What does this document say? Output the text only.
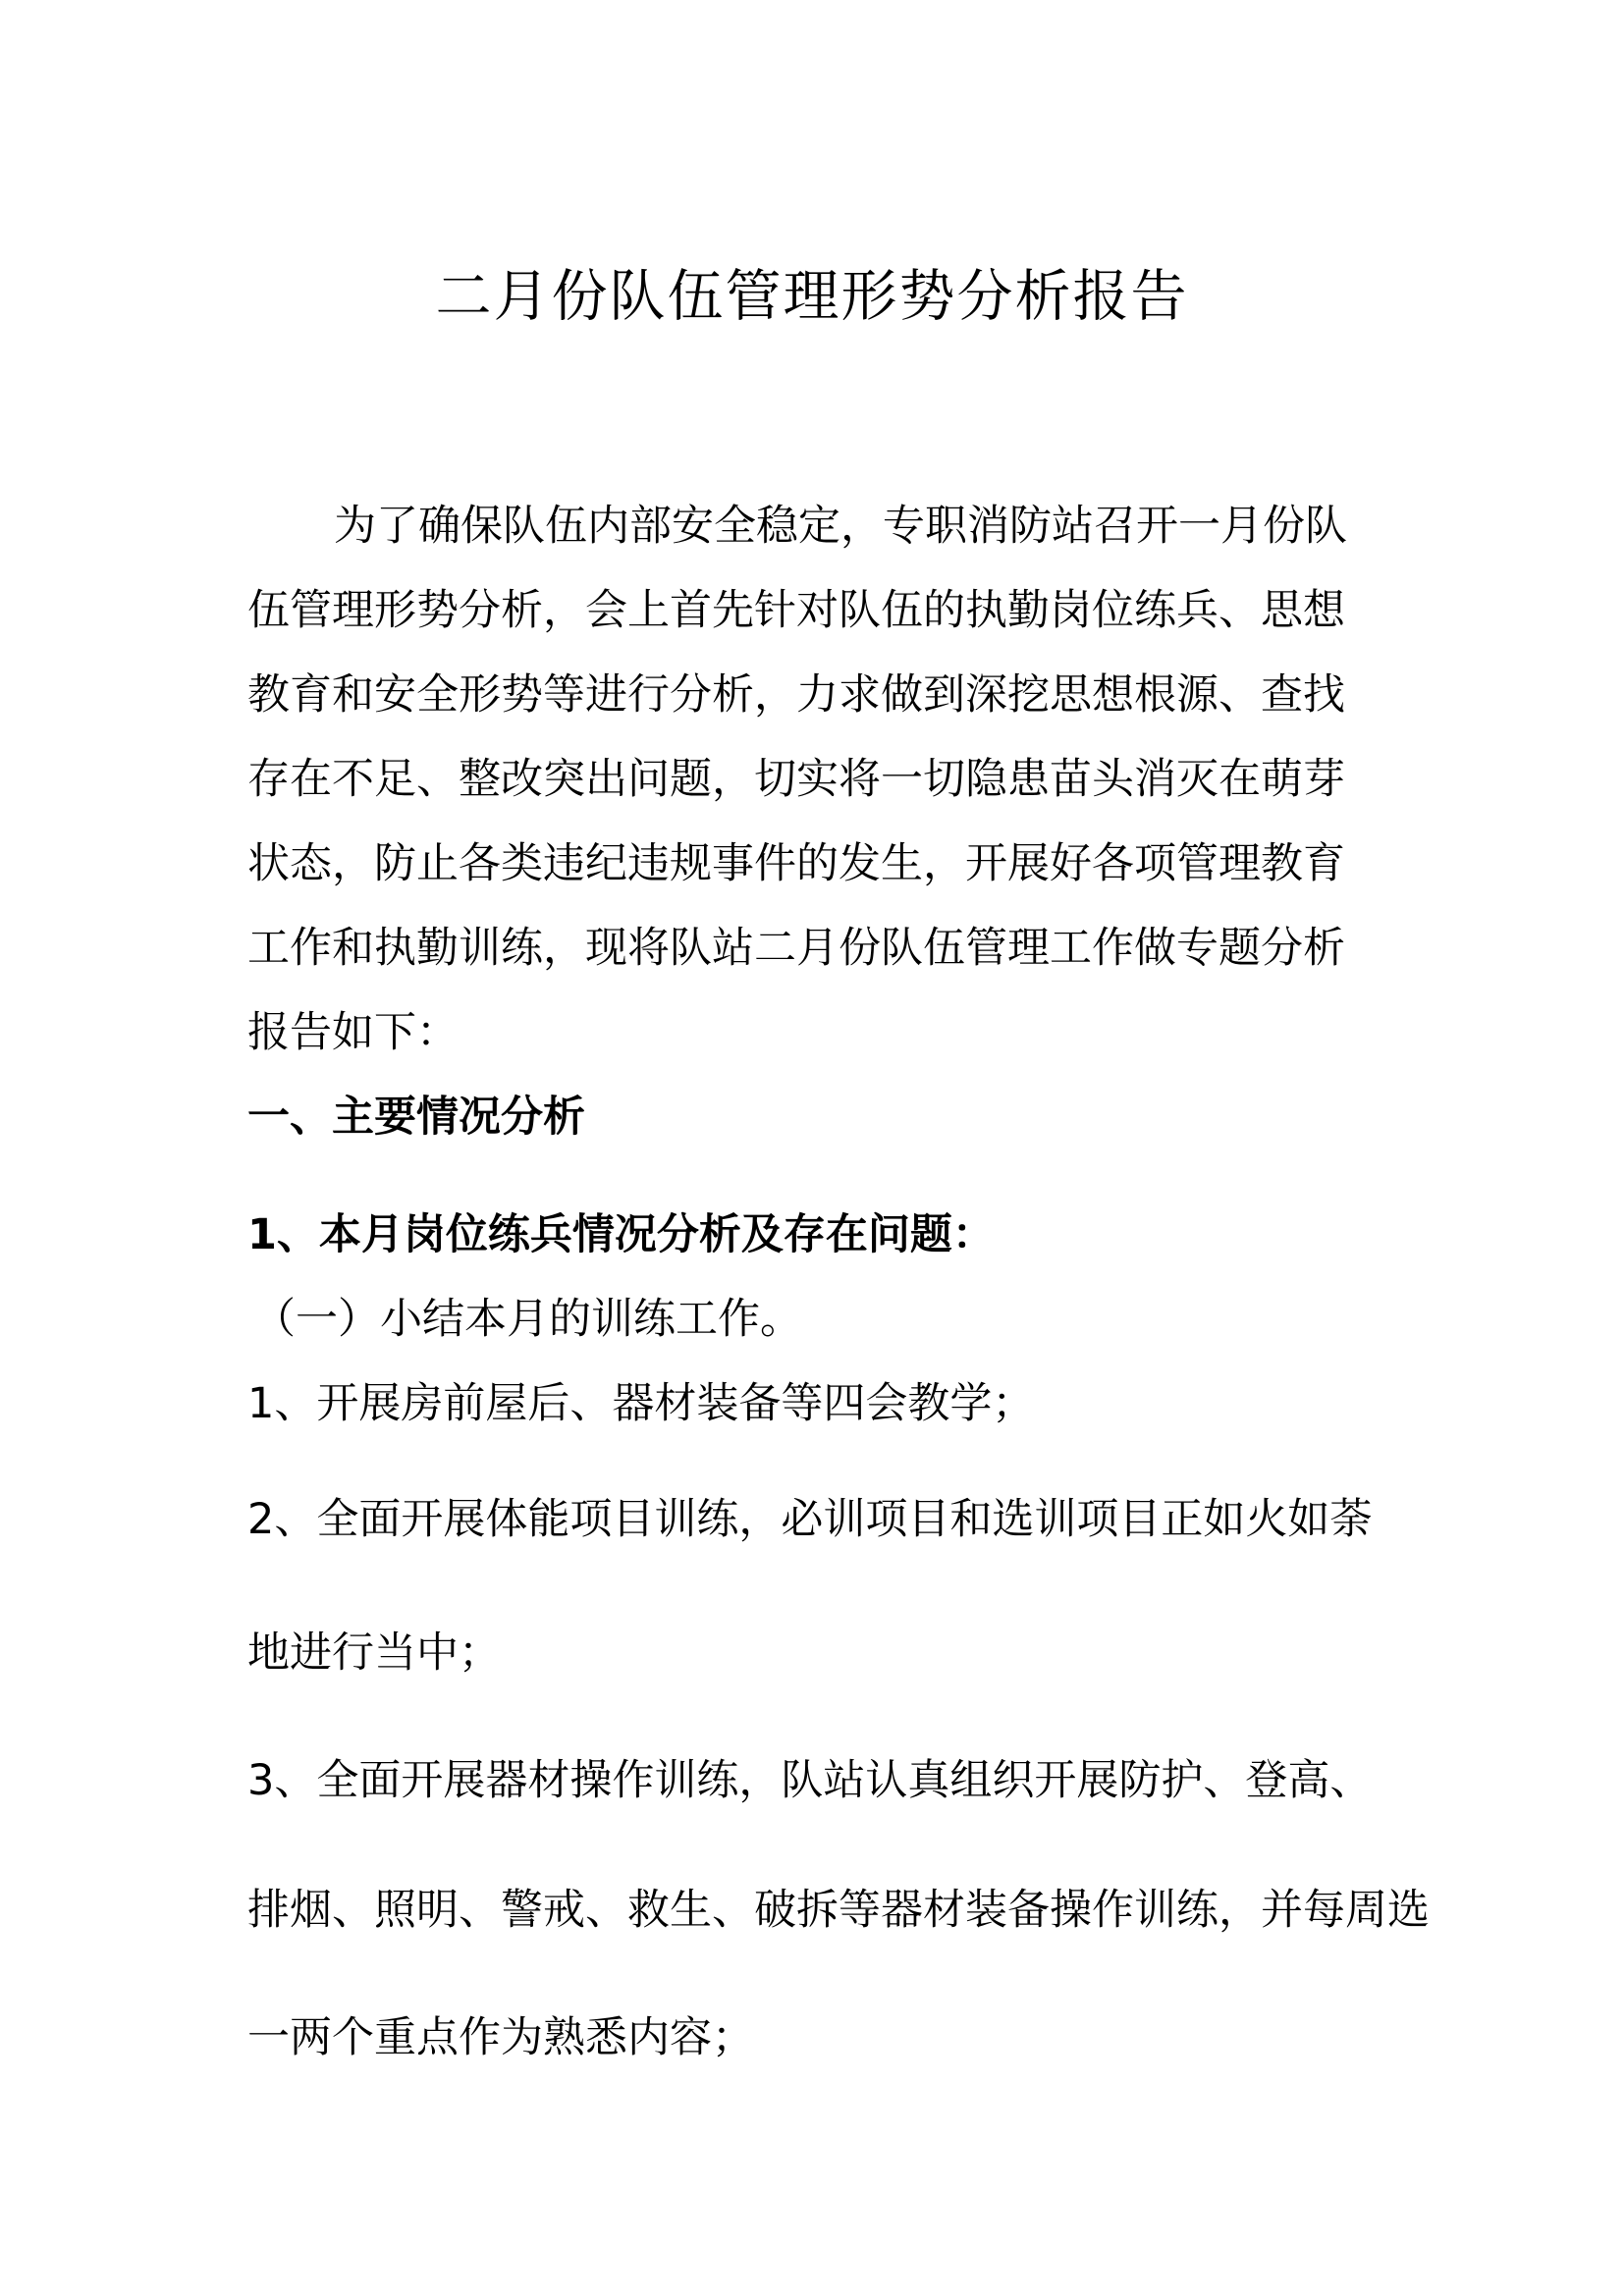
二月份队伍管理形势分析报告
为了确保队伍内部安全稳定，专职消防站召开一月份队
伍管理形势分析，会上首先针对队伍的执勤岗位练兵、思想
教育和安全形势等进行分析，力求做到深挖思想根源、查找
存在不足、整改突出问题，切实将一切隐患苗头消灭在萌芽
状态，防止各类违纪违规事件的发生，开展好各项管理教育
工作和执勤训练，现将队站二月份队伍管理工作做专题分析
报告如下：
一、主要情况分析
1、本月岗位练兵情况分析及存在问题：
（一）小结本月的训练工作。
1、开展房前屋后、器材装备等四会教学；
2、全面开展体能项目训练，必训项目和选训项目正如火如荼
地进行当中；
3、全面开展器材操作训练，队站认真组织开展防护、登高、
排烟、照明、警戒、救生、破拆等器材装备操作训练，并每周选
一两个重点作为熟悉内容；
